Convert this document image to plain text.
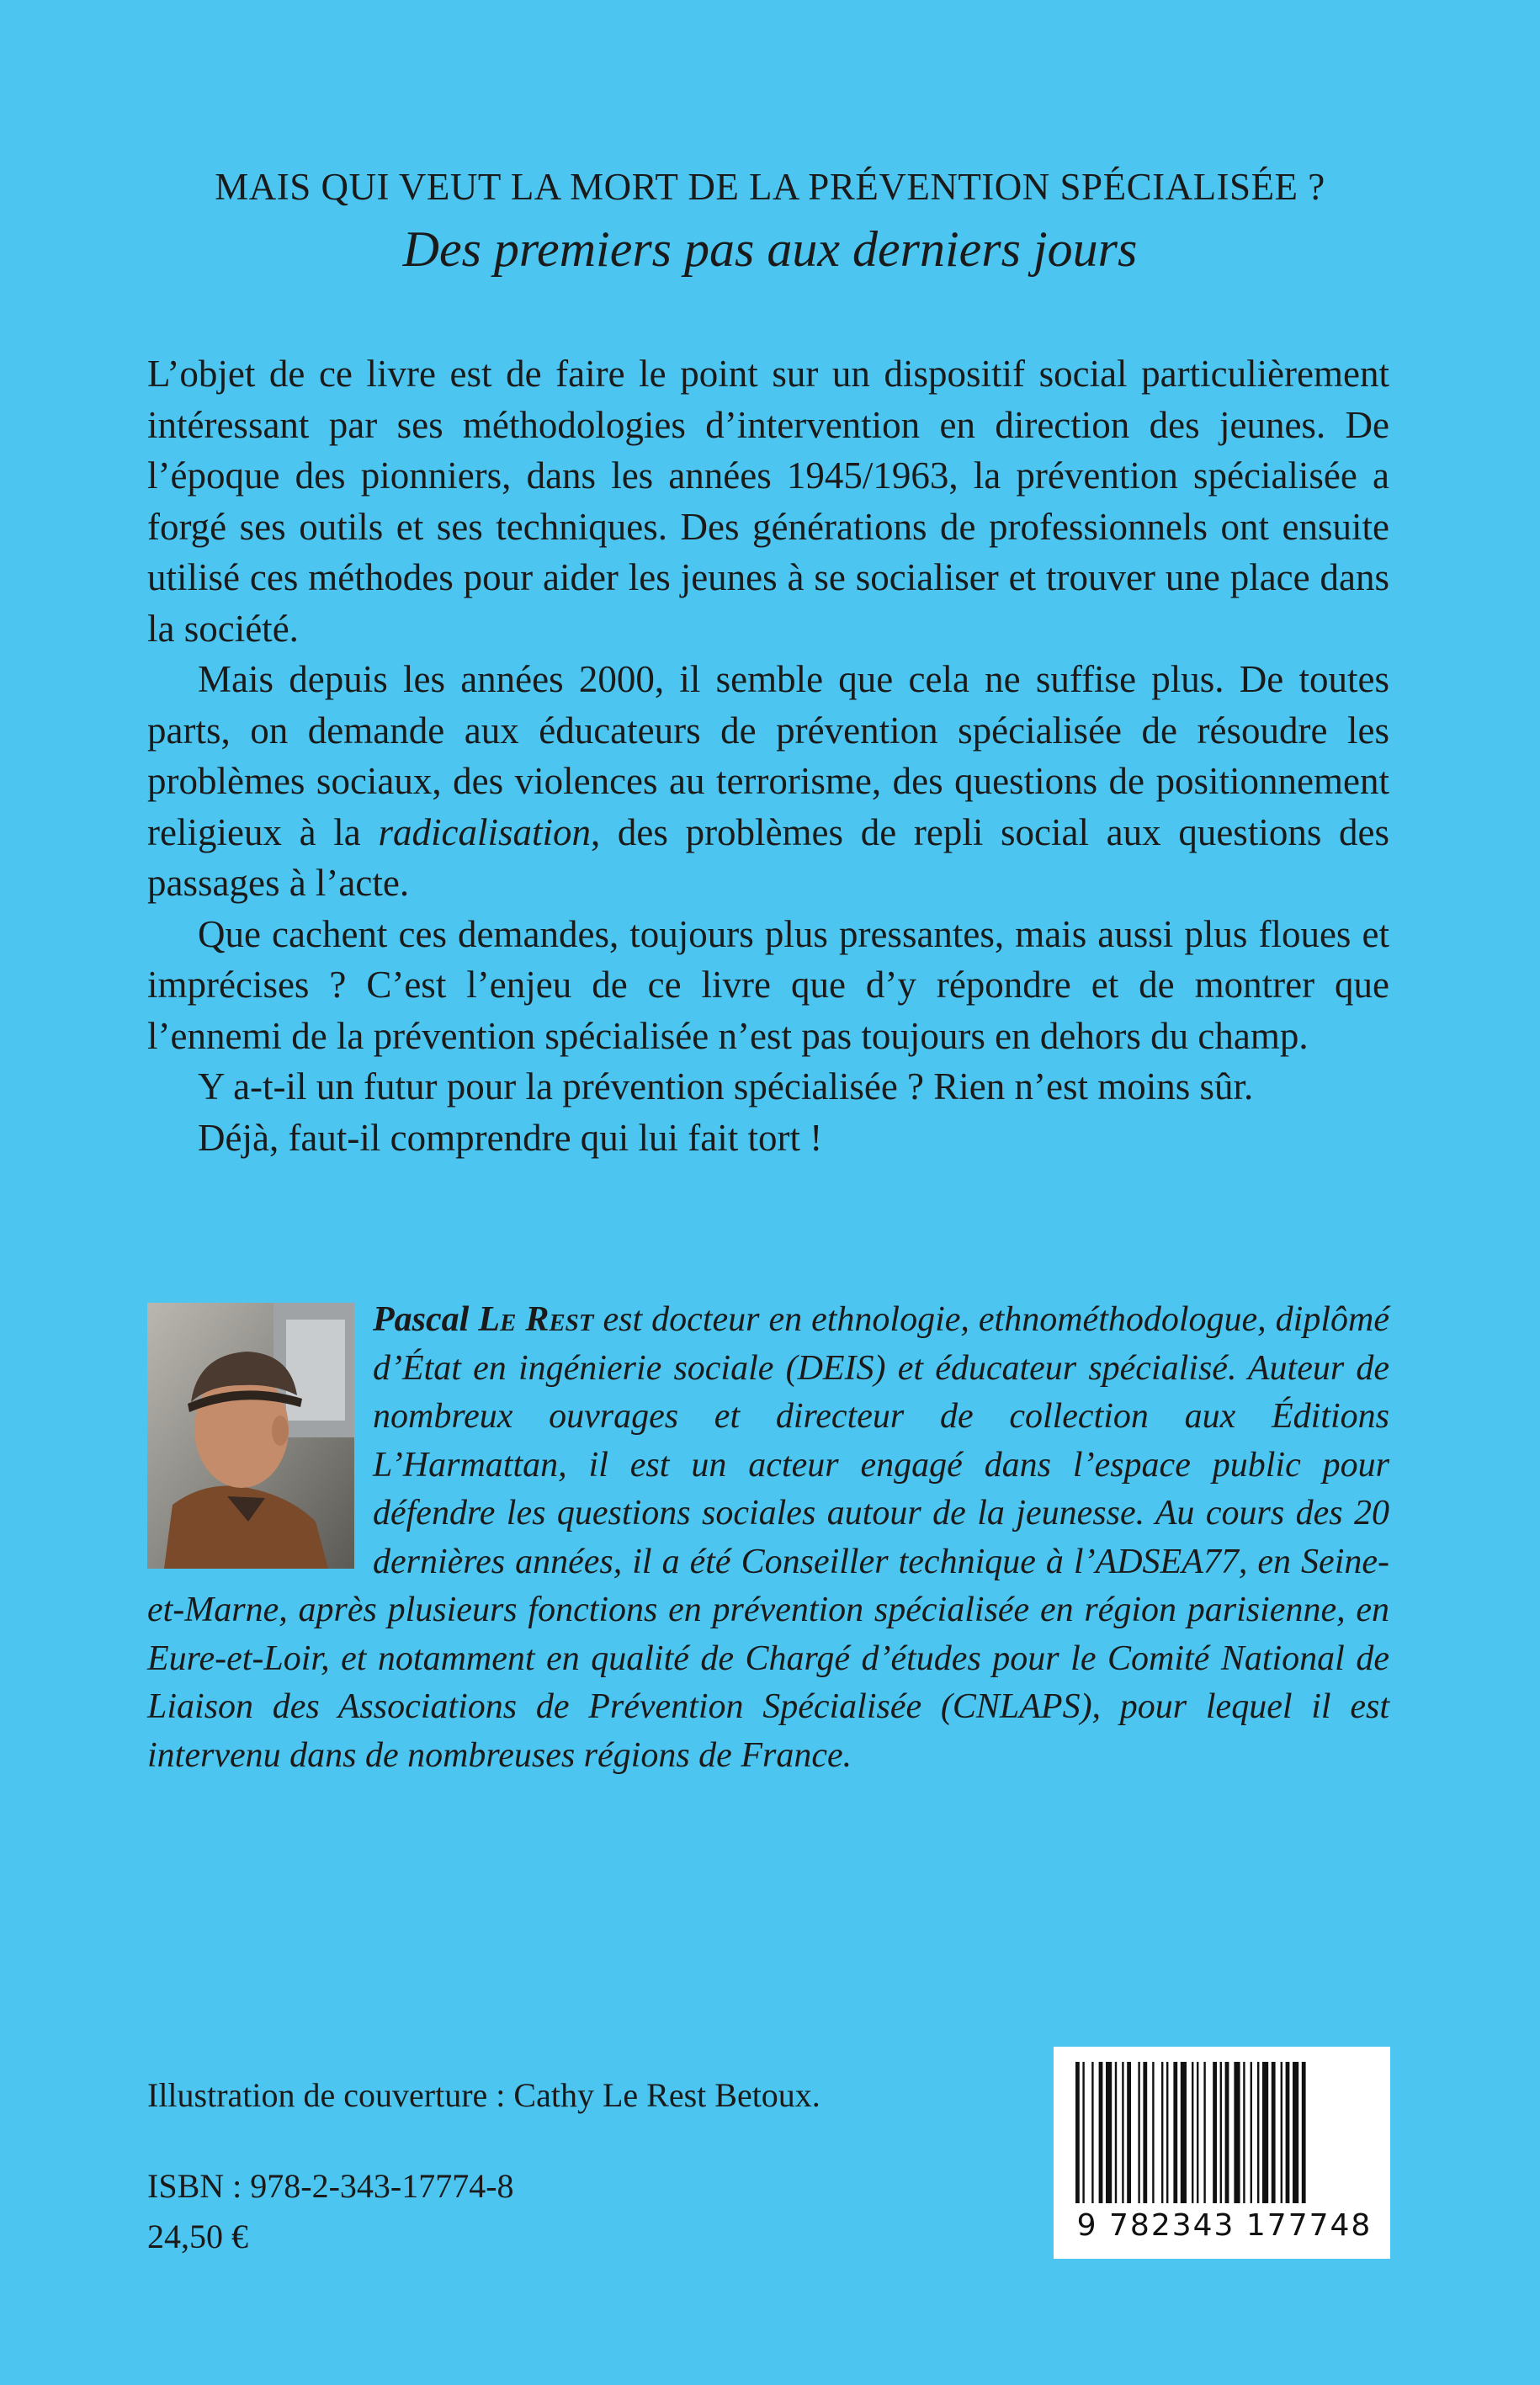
MAIS QUI VEUT LA MORT DE LA PRÉVENTION SPÉCIALISÉE ?
Des premiers pas aux derniers jours

L’objet de ce livre est de faire le point sur un dispositif social particulièrement intéressant par ses méthodologies d’intervention en direction des jeunes. De l’époque des pionniers, dans les années 1945/1963, la prévention spécialisée a forgé ses outils et ses techniques. Des générations de professionnels ont ensuite utilisé ces méthodes pour aider les jeunes à se socialiser et trouver une place dans la société.

Mais depuis les années 2000, il semble que cela ne suffise plus. De toutes parts, on demande aux éducateurs de prévention spécialisée de résoudre les problèmes sociaux, des violences au terrorisme, des questions de positionnement religieux à la radicalisation, des problèmes de repli social aux questions des passages à l’acte.

Que cachent ces demandes, toujours plus pressantes, mais aussi plus floues et imprécises ? C’est l’enjeu de ce livre que d’y répondre et de montrer que l’ennemi de la prévention spécialisée n’est pas toujours en dehors du champ.

Y a-t-il un futur pour la prévention spécialisée ? Rien n’est moins sûr.

Déjà, faut-il comprendre qui lui fait tort !

Pascal Le Rest est docteur en ethnologie, ethnométhodologue, diplômé d’État en ingénierie sociale (DEIS) et éducateur spécialisé. Auteur de nombreux ouvrages et directeur de collection aux Éditions L’Harmattan, il est un acteur engagé dans l’espace public pour défendre les questions sociales autour de la jeunesse. Au cours des 20 dernières années, il a été Conseiller technique à l’ADSEA77, en Seine-et-Marne, après plusieurs fonctions en prévention spécialisée en région parisienne, en Eure-et-Loir, et notamment en qualité de Chargé d’études pour le Comité National de Liaison des Associations de Prévention Spécialisée (CNLAPS), pour lequel il est intervenu dans de nombreuses régions de France.

Illustration de couverture : Cathy Le Rest Betoux.
ISBN : 978-2-343-17774-8
24,50 €	9 782343 177748
